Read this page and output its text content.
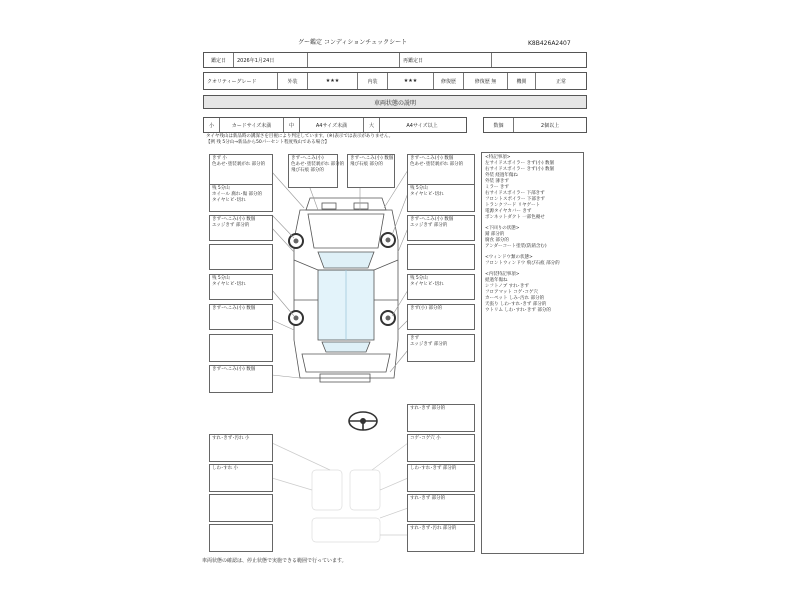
グー鑑定 コンディションチェックシート	K8B426A2407
鑑定日	2026年1月24日	再鑑定日
クオリティーグレード	外装	★★★	内装	★★★	修復歴	修復歴 無	機関	正常
車両状態の説明
小	カードサイズ未満	中	A4サイズ未満	大	A4サイズ以上	数個	2個以上
タイヤ残山は新品時の溝深さを目視により判定しています。(※)表示では表示がありません。
【例 残 5分山→新品から50パーセント程度残山である場合】
きず 小
色あせ･塗装剥がれ 部分的
きず･へこみ(小)
色あせ･塗装剥がれ 部分的
飛び石痕 部分的
きず･へこみ(小) 数個
飛び石痕 部分的
きず･へこみ(小) 数個
色あせ･塗装剥がれ 部分的
残 5分山
ホイール 腐れ･傷 部分的
タイヤヒビ･切れ
残 5分山
タイヤヒビ･切れ
きず･へこみ(小) 数個
エッジきず 部分的
きず･へこみ(小) 数個
エッジきず 部分的
残 5分山
タイヤヒビ･切れ
残 5分山
タイヤヒビ･切れ
きず･へこみ(小) 数個	きず(小) 部分的
きず
エッジきず 部分的
きず･へこみ(小) 数個
すれ･きず 部分的
すれ･きず･汚れ 小	コゲ･コゲ穴 小
しわ･すれ 小	しわ･すれ･きず 部分的
すれ･きず 部分的
すれ･きず･汚れ 部分的
<特記事項>
左サイドスポイラー きず(小) 数個
右サイドスポイラー きず(小) 数個
外装 経過年傷ね
外装 薄きず
ミラー きず
右サイドスポイラー 下部きず
フロントスポイラー 下部きず
トランクフード リヤゲート
電源タイヤカバー きず
ボンネットダクト 一部色褪せ
<下回りの状態>
錆 部分的
腐食 部分的
アンダーコート塗装(防錆含む)
<ウィンドウ類の状態>
フロントウィンドウ 飛び石痕 部分的
<内装特記事項>
経過年傷ね
シフトノブ すれ･きず
フロアマット コゲ･コゲ穴
カーペット しみ･汚れ 部分的
天張り しわ･すれ･きず 部分的
ウトリム しわ･すれ･きず 部分的
車両状態の確認は、停止状態で実施できる範囲で行っています。
